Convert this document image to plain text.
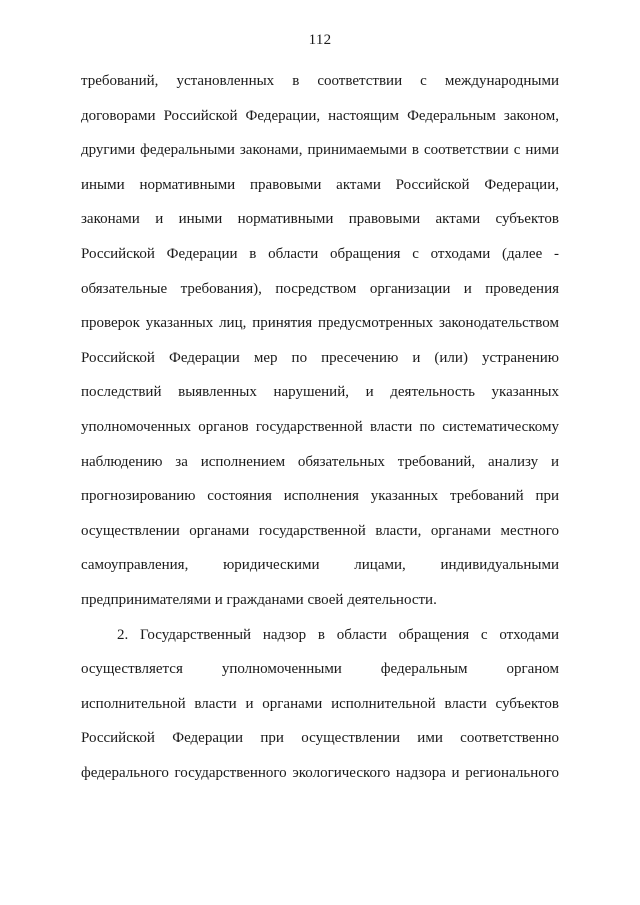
112
требований, установленных в соответствии с международными
договорами Российской Федерации, настоящим Федеральным законом,
другими федеральными законами, принимаемыми в соответствии с ними
иными нормативными правовыми актами Российской Федерации,
законами и иными нормативными правовыми актами субъектов
Российской Федерации в области обращения с отходами (далее -
обязательные требования), посредством организации и проведения
проверок указанных лиц, принятия предусмотренных законодательством
Российской Федерации мер по пресечению и (или) устранению
последствий выявленных нарушений, и деятельность указанных
уполномоченных органов государственной власти по систематическому
наблюдению за исполнением обязательных требований, анализу и
прогнозированию состояния исполнения указанных требований при
осуществлении органами государственной власти, органами местного
самоуправления, юридическими лицами, индивидуальными
предпринимателями и гражданами своей деятельности.
2. Государственный надзор в области обращения с отходами
осуществляется уполномоченными федеральным органом
исполнительной власти и органами исполнительной власти субъектов
Российской Федерации при осуществлении ими соответственно
федерального государственного экологического надзора и регионального
